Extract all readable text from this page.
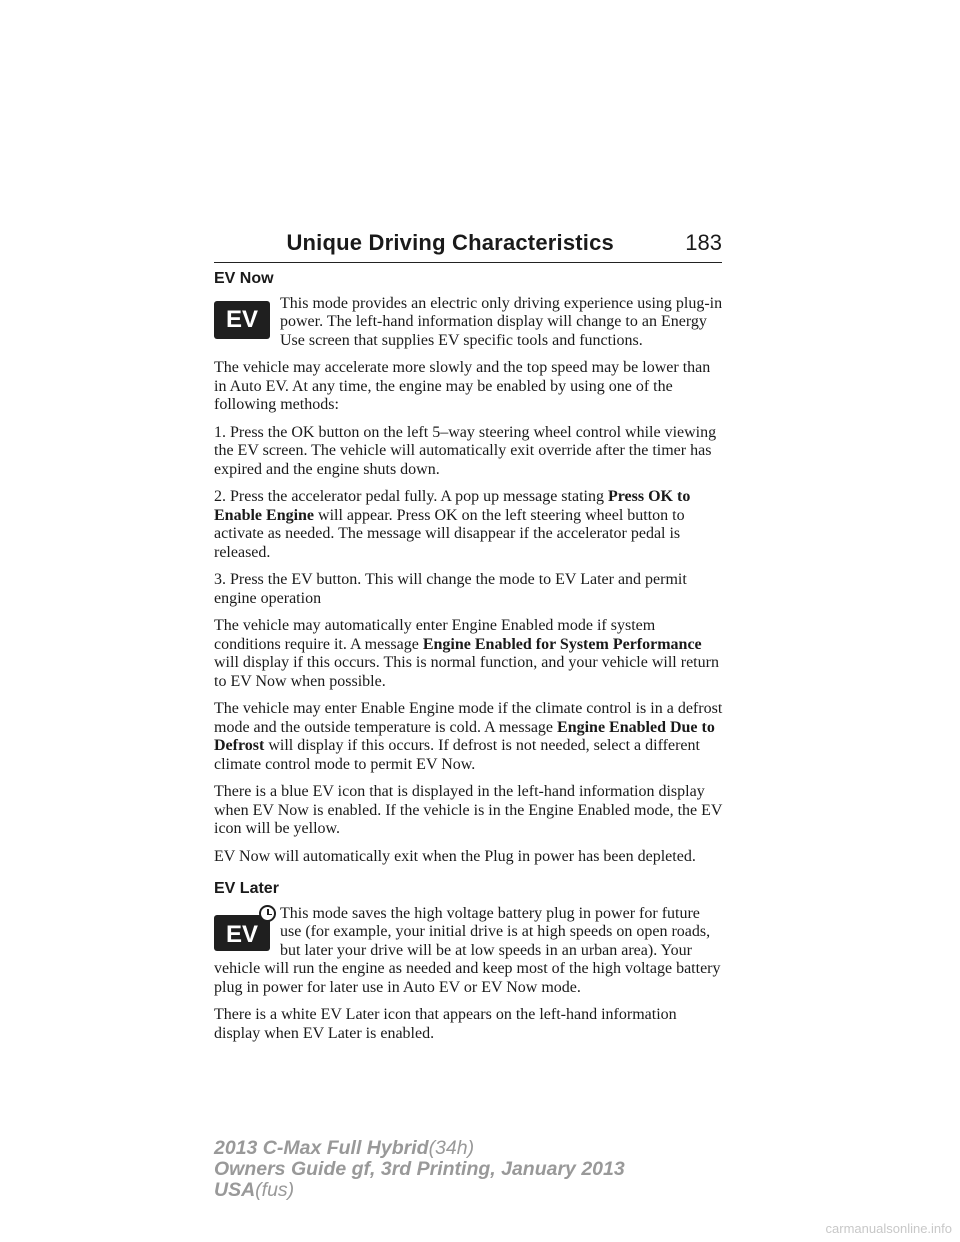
Unique Driving Characteristics	183
EV Now
EV

This mode provides an electric only driving experience using plug-in power. The left-hand information display will change to an Energy Use screen that supplies EV specific tools and functions.

The vehicle may accelerate more slowly and the top speed may be lower than in Auto EV. At any time, the engine may be enabled by using one of the following methods:

1. Press the OK button on the left 5–way steering wheel control while viewing the EV screen. The vehicle will automatically exit override after the timer has expired and the engine shuts down.

2. Press the accelerator pedal fully. A pop up message stating Press OK to Enable Engine will appear. Press OK on the left steering wheel button to activate as needed. The message will disappear if the accelerator pedal is released.

3. Press the EV button. This will change the mode to EV Later and permit engine operation

The vehicle may automatically enter Engine Enabled mode if system conditions require it. A message Engine Enabled for System Performance will display if this occurs. This is normal function, and your vehicle will return to EV Now when possible.

The vehicle may enter Enable Engine mode if the climate control is in a defrost mode and the outside temperature is cold. A message Engine Enabled Due to Defrost will display if this occurs. If defrost is not needed, select a different climate control mode to permit EV Now.

There is a blue EV icon that is displayed in the left-hand information display when EV Now is enabled. If the vehicle is in the Engine Enabled mode, the EV icon will be yellow.

EV Now will automatically exit when the Plug in power has been depleted.

EV Later
EV

This mode saves the high voltage battery plug in power for future use (for example, your initial drive is at high speeds on open roads, but later your drive will be at low speeds in an urban area). Your vehicle will run the engine as needed and keep most of the high voltage battery plug in power for later use in Auto EV or EV Now mode.

There is a white EV Later icon that appears on the left-hand information display when EV Later is enabled.

2013 C-Max Full Hybrid(34h)
Owners Guide gf, 3rd Printing, January 2013
USA(fus)
carmanualsonline.info
